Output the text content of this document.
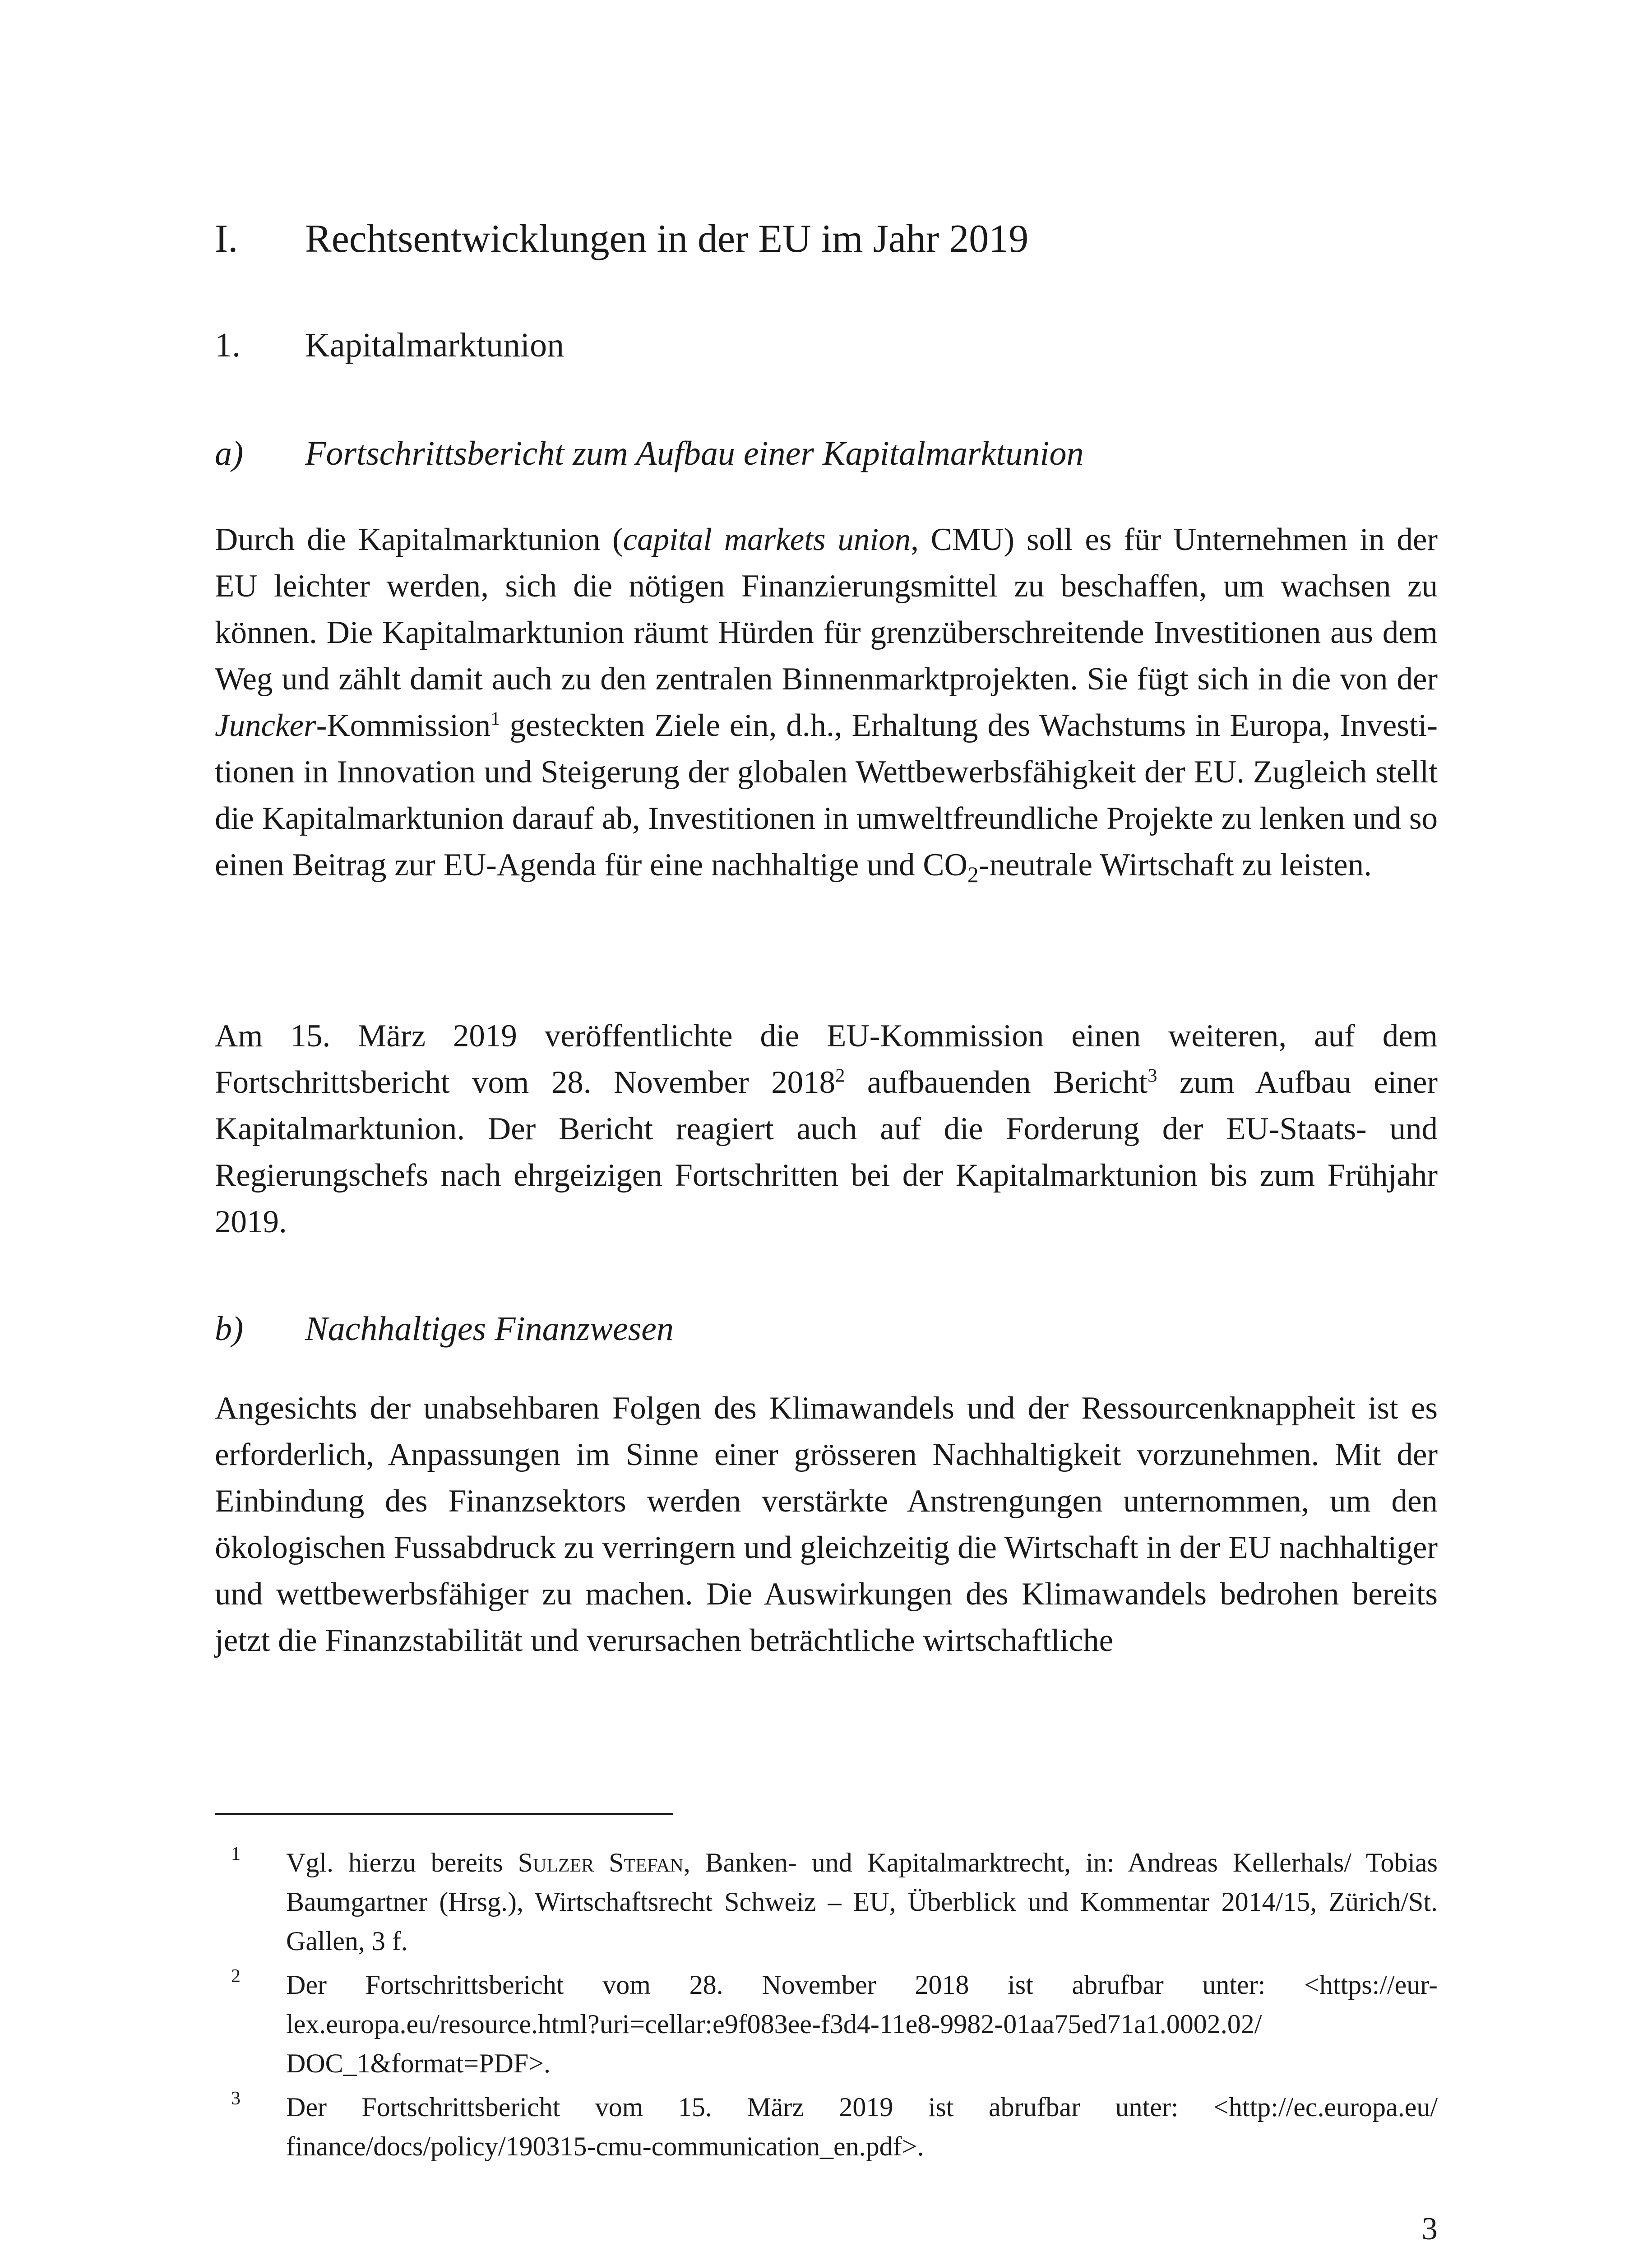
I. Rechtsentwicklungen in der EU im Jahr 2019
1. Kapitalmarktunion
a) Fortschrittsbericht zum Aufbau einer Kapitalmarktunion

Durch die Kapitalmarktunion (capital markets union, CMU) soll es für Unternehmen in der EU leichter werden, sich die nötigen Finanzierungsmittel zu beschaffen, um wachsen zu können. Die Kapitalmarktunion räumt Hürden für grenzüberschreitende Investitionen aus dem Weg und zählt damit auch zu den zentralen Binnenmarktprojekten. Sie fügt sich in die von der Juncker-Kommission$^1$ gesteckten Ziele ein, d.h., Erhaltung des Wachstums in Europa, Investitionen in Innovation und Steigerung der globalen Wettbewerbsfähigkeit der EU. Zugleich stellt die Kapitalmarktunion darauf ab, Investitionen in umweltfreundliche Projekte zu lenken und so einen Beitrag zur EU-Agenda für eine nachhaltige und $CO_2$-neutrale Wirtschaft zu leisten.

Am 15. März 2019 veröffentlichte die EU-Kommission einen weiteren, auf dem Fortschrittsbericht vom 28. November 2018$^2$ aufbauenden Bericht$^3$ zum Aufbau einer Kapitalmarktunion. Der Bericht reagiert auch auf die Forderung der EU-Staats- und Regierungschefs nach ehrgeizigen Fortschritten bei der Kapitalmarktunion bis zum Frühjahr 2019.

b) Nachhaltiges Finanzwesen

Angesichts der unabsehbaren Folgen des Klimawandels und der Ressourcenknappheit ist es erforderlich, Anpassungen im Sinne einer grösseren Nachhaltigkeit vorzunehmen. Mit der Einbindung des Finanzsektors werden verstärkte Anstrengungen unternommen, um den ökologischen Fussabdruck zu verringern und gleichzeitig die Wirtschaft in der EU nachhaltiger und wettbewerbsfähiger zu machen. Die Auswirkungen des Klimawandels bedrohen bereits jetzt die Finanzstabilität und verursachen beträchtliche wirtschaftliche

1 Vgl. hierzu bereits Sulzer Stefan, Banken- und Kapitalmarktrecht, in: Andreas Kellerhals/ Tobias Baumgartner (Hrsg.), Wirtschaftsrecht Schweiz – EU, Überblick und Kommentar 2014/15, Zürich/St. Gallen, 3 f.
2 Der Fortschrittsbericht vom 28. November 2018 ist abrufbar unter: <https://eur-lex.europa.eu/resource.html?uri=cellar:e9f083ee-f3d4-11e8-9982-01aa75ed71a1.0002.02/ DOC_1&format=PDF>.
3 Der Fortschrittsbericht vom 15. März 2019 ist abrufbar unter: <http://ec.europa.eu/ finance/docs/policy/190315-cmu-communication_en.pdf>.
3
